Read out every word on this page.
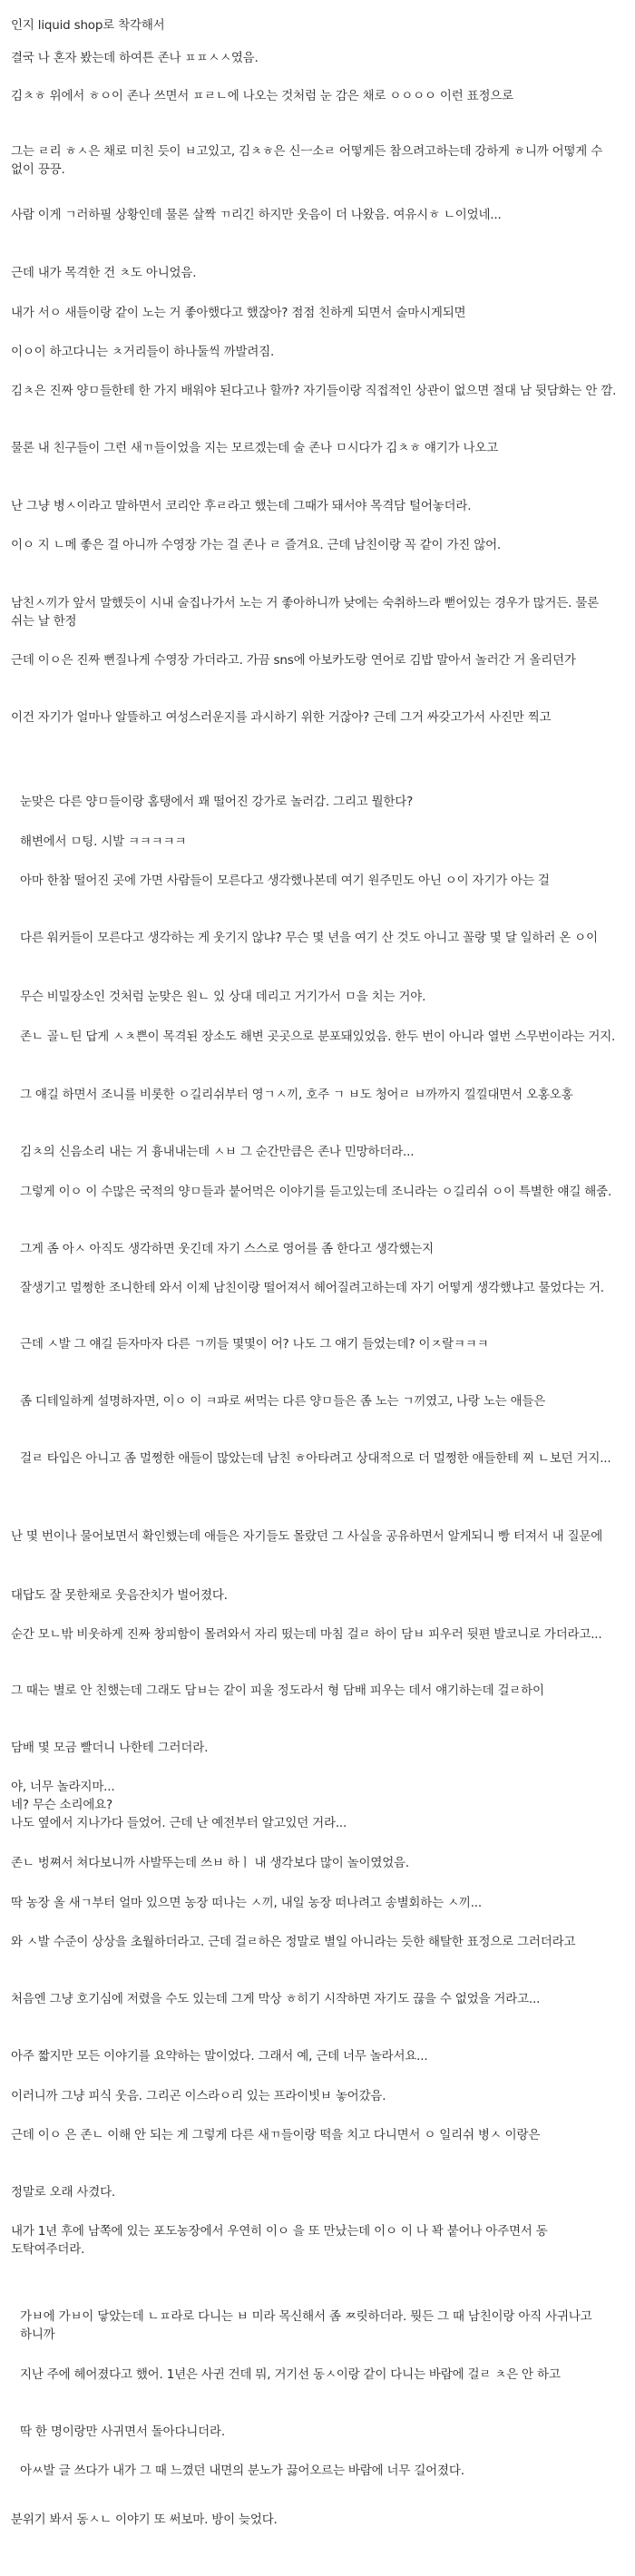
인지 liquid shop로 착각해서

결국 나 혼자 봤는데 하여튼 존나 ㅍㅍㅅㅅ였음.

김ㅊㅎ 위에서 ㅎㅇ이 존나 쓰면서 ㅍㄹㄴ에 나오는 것처럼 눈 감은 채로 ㅇㅇㅇㅇ 이런 표정으로

그는 ㄹ리 ㅎㅅ은 채로 미친 듯이 ㅂ고있고, 김ㅊㅎ은 신ㅡ소ㄹ 어떻게든 참으려고하는데 강하게 ㅎ니까 어떻게 수 없이 끙끙.

사람 이게 ㄱ러하필 상황인데 물론 살짝 ㄲ리긴 하지만 웃음이 더 나왔음. 여유시ㅎ ㄴ이었네...

근데 내가 목격한 건 ㅊ도 아니었음.

내가 서ㅇ 새들이랑 같이 노는 거 좋아했다고 했잖아? 점점 친하게 되면서 술마시게되면

이ㅇ이 하고다니는 ㅊ거리들이 하나둘씩 까발려짐.

김ㅊ은 진짜 양ㅁ들한테 한 가지 배워야 된다고나 할까? 자기들이랑 직접적인 상관이 없으면 절대 남 뒷담화는 안 깜.

물론 내 친구들이 그런 새ㄲ들이었을 지는 모르겠는데 술 존나 ㅁ시다가 김ㅊㅎ 얘기가 나오고

난 그냥 병ㅅ이라고 말하면서 코리안 후ㄹ라고 했는데 그때가 돼서야 목격담 털어놓더라.

이ㅇ 지 ㄴ메 좋은 걸 아니까 수영장 가는 걸 존나 ㄹ 즐겨요. 근데 남친이랑 꼭 같이 가진 않어.

남친ㅅ끼가 앞서 말했듯이 시내 술집나가서 노는 거 좋아하니까 낮에는 숙취하느라 뻗어있는 경우가 많거든. 물론 쉬는 날 한정

근데 이ㅇ은 진짜 뻔질나게 수영장 가더라고. 가끔 sns에 아보카도랑 연어로 김밥 말아서 놀러간 거 올리던가

이건 자기가 얼마나 알뜰하고 여성스러운지를 과시하기 위한 거잖아? 근데 그거 싸갖고가서 사진만 찍고

눈맞은 다른 양ㅁ들이랑 홈탱에서 꽤 떨어진 강가로 놀러감. 그리고 뭘한다?

해변에서 ㅁ팅. 시발 ㅋㅋㅋㅋㅋ

아마 한참 떨어진 곳에 가면 사람들이 모른다고 생각했나본데 여기 원주민도 아닌 ㅇ이 자기가 아는 걸

다른 워커들이 모른다고 생각하는 게 웃기지 않냐? 무슨 몇 년을 여기 산 것도 아니고 꼴랑 몇 달 일하러 온 ㅇ이

무슨 비밀장소인 것처럼 눈맞은 원ㄴ 있 상대 데리고 거기가서 ㅁ을 치는 거야.

존ㄴ 골ㄴ틴 답게 ㅅㅊ쁜이 목격된 장소도 해변 곳곳으로 분포돼있었음. 한두 번이 아니라 열번 스무번이라는 거지.

그 얘길 하면서 조니를 비롯한 ㅇ길리쉬부터 영ㄱㅅ끼, 호주 ㄱ ㅂ도 청어ㄹ ㅂ까까지 낄낄대면서 오홍오홍

김ㅊ의 신음소리 내는 거 흉내내는데 ㅅㅂ 그 순간만큼은 존나 민망하더라...

그렇게 이ㅇ 이 수많은 국적의 양ㅁ들과 붙어먹은 이야기를 듣고있는데 조니라는 ㅇ길리쉬 ㅇ이 특별한 얘길 해줌.

그게 좀 아ㅅ 아직도 생각하면 웃긴데 자기 스스로 영어를 좀 한다고 생각했는지

잘생기고 멀쩡한 조니한테 와서 이제 남친이랑 떨어져서 헤어질려고하는데 자기 어떻게 생각했냐고 물었다는 거.

근데 ㅅ발 그 얘길 듣자마자 다른 ㄱ끼들 몇몇이 어? 나도 그 얘기 들었는데? 이ㅈ랄ㅋㅋㅋ

좀 디테일하게 설명하자면, 이ㅇ 이 ㅋ파로 써먹는 다른 양ㅁ들은 좀 노는 ㄱ끼였고, 나랑 노는 애들은

걸ㄹ 타입은 아니고 좀 멀쩡한 애들이 많았는데 남친 ㅎ아타려고 상대적으로 더 멀쩡한 애들한테 찌 ㄴ보던 거지...

난 몇 번이나 물어보면서 확인했는데 애들은 자기들도 몰랐던 그 사실을 공유하면서 알게되니 빵 터져서 내 질문에

대답도 잘 못한채로 웃음잔치가 벌어졌다.

순간 모ㄴ밖 비웃하게 진짜 창피함이 몰려와서 자리 떴는데 마침 걸ㄹ 하이 담ㅂ 피우러 뒷편 발코니로 가더라고...

그 때는 별로 안 친했는데 그래도 담ㅂ는 같이 피울 정도라서 형 담배 피우는 데서 얘기하는데 걸ㄹ하이

담배 몇 모금 빨더니 나한테 그러더라.

야, 너무 놀라지마...

네? 무슨 소리에요?

나도 옆에서 지나가다 들었어. 근데 난 예전부터 알고있던 거라...

존ㄴ 벙쪄서 쳐다보니까 사발뚜는데 쓰ㅂ 하ㅣ 내 생각보다 많이 놀이였었음.

딱 농장 올 새ㄱ부터 얼마 있으면 농장 떠나는 ㅅ끼, 내일 농장 떠나려고 송별회하는 ㅅ끼...

와 ㅅ발 수준이 상상을 초월하더라고. 근데 걸ㄹ하은 정말로 별일 아니라는 듯한 해탈한 표정으로 그러더라고

처음엔 그냥 호기심에 저렸을 수도 있는데 그게 막상 ㅎ히기 시작하면 자기도 끊을 수 없었을 거라고...

아주 짧지만 모든 이야기를 요약하는 말이었다. 그래서 예, 근데 너무 놀라서요...

이러니까 그냥 피식 웃음. 그리곤 이스라ㅇ리 있는 프라이빗ㅂ 놓어갔음.

근데 이ㅇ 은 존ㄴ 이해 안 되는 게 그렇게 다른 새ㄲ들이랑 떡을 치고 다니면서 ㅇ 일리쉬 병ㅅ 이랑은

정말로 오래 사겼다.

내가 1년 후에 남쪽에 있는 포도농장에서 우연히 이ㅇ 을 또 만났는데 이ㅇ 이 나 꽉 붙어나 아주면서 동 도탁여주더라.

가ㅂ에 가ㅂ이 닿았는데 ㄴㅍ라로 다니는 ㅂ 미라 목신해서 좀 ㅉ릿하더라. 뭣든 그 때 남친이랑 아직 사귀나고 하니까

지난 주에 헤어졌다고 했어. 1년은 사귄 건데 뭐, 거기선 동ㅅ이랑 같이 다니는 바람에 걸ㄹ ㅊ은 안 하고

딱 한 명이랑만 사귀면서 돌아다니더라.

아ㅆ발 글 쓰다가 내가 그 때 느꼈던 내면의 분노가 끓어오르는 바람에 너무 길어졌다.

분위기 봐서 동ㅅㄴ 이야기 또 써보마. 방이 늦었다.
